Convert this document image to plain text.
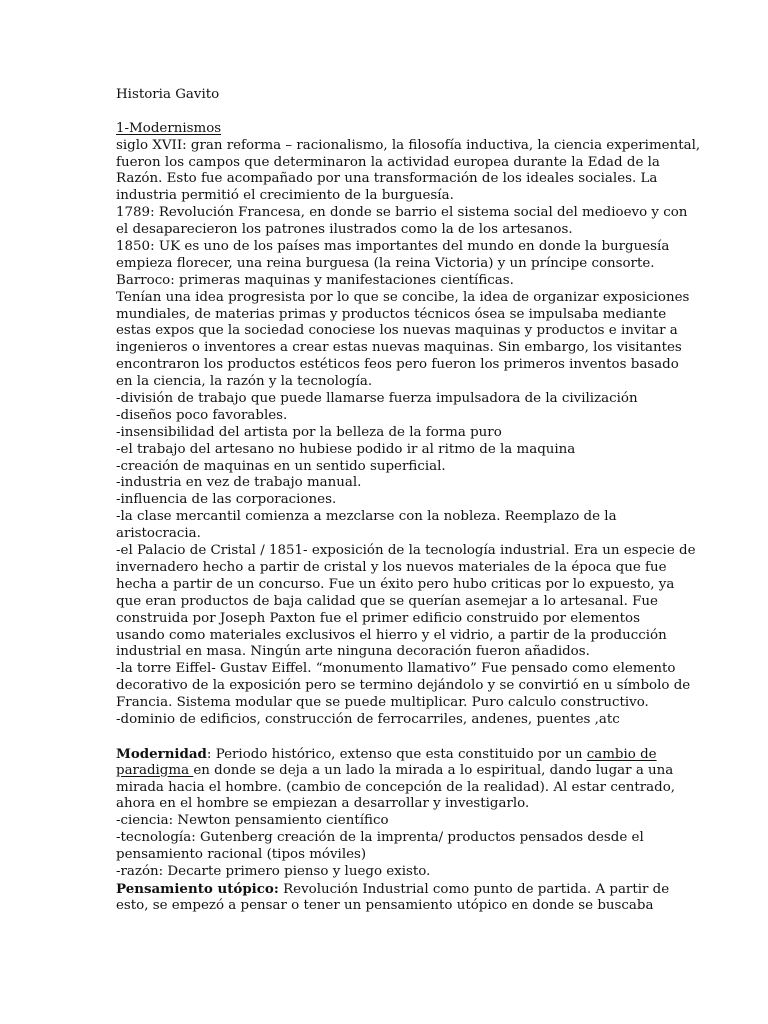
Historia Gavito
1-Modernismos
siglo XVII: gran reforma – racionalismo, la filosofía inductiva, la ciencia experimental,
fueron los campos que determinaron la actividad europea durante la Edad de la
Razón. Esto fue acompañado por una transformación de los ideales sociales. La
industria permitió el crecimiento de la burguesía.
1789: Revolución Francesa, en donde se barrio el sistema social del medioevo y con
el desaparecieron los patrones ilustrados como la de los artesanos.
1850: UK es uno de los países mas importantes del mundo en donde la burguesía
empieza florecer, una reina burguesa (la reina Victoria) y un príncipe consorte.
Barroco: primeras maquinas y manifestaciones científicas.
Tenían una idea progresista por lo que se concibe, la idea de organizar exposiciones
mundiales, de materias primas y productos técnicos ósea se impulsaba mediante
estas expos que la sociedad conociese los nuevas maquinas y productos e invitar a
ingenieros o inventores a crear estas nuevas maquinas. Sin embargo, los visitantes
encontraron los productos estéticos feos pero fueron los primeros inventos basado
en la ciencia, la razón y la tecnología.
-división de trabajo que puede llamarse fuerza impulsadora de la civilización
-diseños poco favorables.
-insensibilidad del artista por la belleza de la forma puro
-el trabajo del artesano no hubiese podido ir al ritmo de la maquina
-creación de maquinas en un sentido superficial.
-industria en vez de trabajo manual.
-influencia de las corporaciones.
-la clase mercantil comienza a mezclarse con la nobleza. Reemplazo de la
aristocracia.
-el Palacio de Cristal / 1851- exposición de la tecnología industrial. Era un especie de
invernadero hecho a partir de cristal y los nuevos materiales de la época que fue
hecha a partir de un concurso. Fue un éxito pero hubo criticas por lo expuesto, ya
que eran productos de baja calidad que se querían asemejar a lo artesanal. Fue
construida por Joseph Paxton fue el primer edificio construido por elementos
usando como materiales exclusivos el hierro y el vidrio, a partir de la producción
industrial en masa. Ningún arte ninguna decoración fueron añadidos.
-la torre Eiffel- Gustav Eiffel. “monumento llamativo” Fue pensado como elemento
decorativo de la exposición pero se termino dejándolo y se convirtió en u símbolo de
Francia. Sistema modular que se puede multiplicar. Puro calculo constructivo.
-dominio de edificios, construcción de ferrocarriles, andenes, puentes ,atc
Modernidad: Periodo histórico, extenso que esta constituido por un cambio de
paradigma en donde se deja a un lado la mirada a lo espiritual, dando lugar a una
mirada hacia el hombre. (cambio de concepción de la realidad). Al estar centrado,
ahora en el hombre se empiezan a desarrollar y investigarlo.
-ciencia: Newton pensamiento científico
-tecnología: Gutenberg creación de la imprenta/ productos pensados desde el
pensamiento racional (tipos móviles)
-razón: Decarte primero pienso y luego existo.
Pensamiento utópico: Revolución Industrial como punto de partida. A partir de
esto, se empezó a pensar o tener un pensamiento utópico en donde se buscaba
